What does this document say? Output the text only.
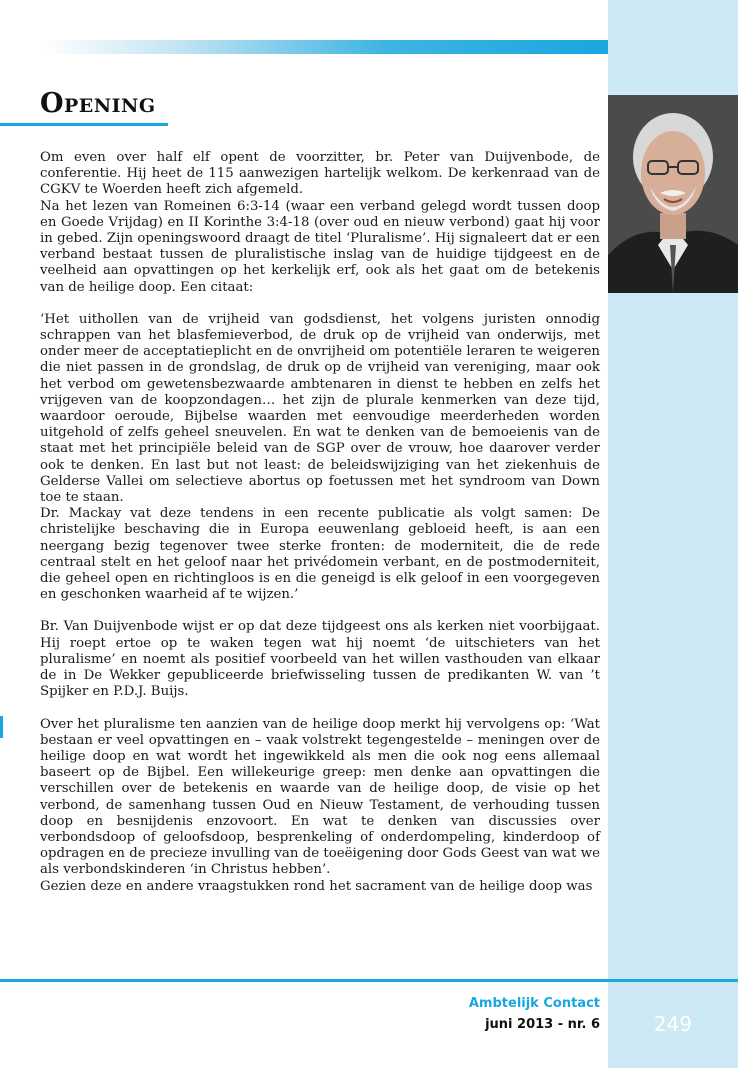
Opening

Om even over half elf opent de voorzitter, br. Peter van Duijvenbode, de conferentie. Hij heet de 115 aanwezigen hartelijk welkom. De kerkenraad van de CGKV te Woerden heeft zich afgemeld.

Na het lezen van Romeinen 6:3-14 (waar een verband gelegd wordt tussen doop en Goede Vrijdag) en II Korinthe 3:4-18 (over oud en nieuw verbond) gaat hij voor in gebed. Zijn openingswoord draagt de titel ‘Pluralisme’. Hij signaleert dat er een verband bestaat tussen de pluralistische inslag van de huidige tijdgeest en de veelheid aan opvattingen op het kerkelijk erf, ook als het gaat om de betekenis van de heilige doop. Een citaat:

‘Het uithollen van de vrijheid van godsdienst, het volgens juristen onnodig schrappen van het blasfemieverbod, de druk op de vrijheid van onderwijs, met onder meer de acceptatieplicht en de onvrijheid om potentiële leraren te weigeren die niet passen in de grondslag, de druk op de vrijheid van vereniging, maar ook het verbod om gewetensbezwaarde ambtenaren in dienst te hebben en zelfs het vrijgeven van de koopzondagen… het zijn de plurale kenmerken van deze tijd, waardoor oeroude, Bijbelse waarden met eenvoudige meerderheden worden uitgehold of zelfs geheel sneuvelen. En wat te denken van de bemoeienis van de staat met het principiële beleid van de SGP over de vrouw, hoe daarover verder ook te denken. En last but not least: de beleidswijziging van het ziekenhuis de Gelderse Vallei om selectieve abortus op foetussen met het syndroom van Down toe te staan.

Dr. Mackay vat deze tendens in een recente publicatie als volgt samen: De christelijke beschaving die in Europa eeuwenlang gebloeid heeft, is aan een neergang bezig tegenover twee sterke fronten: de moderniteit, die de rede centraal stelt en het geloof naar het privédomein verbant, en de postmoderniteit, die geheel open en richtingloos is en die geneigd is elk geloof in een voorgegeven en geschonken waarheid af te wijzen.’

Br. Van Duijvenbode wijst er op dat deze tijdgeest ons als kerken niet voorbijgaat. Hij roept ertoe op te waken tegen wat hij noemt ‘de uitschieters van het pluralisme’ en noemt als positief voorbeeld van het willen vasthouden van elkaar de in De Wekker gepubliceerde briefwisseling tussen de predikanten W. van ’t Spijker en P.D.J. Buijs.

Over het pluralisme ten aanzien van de heilige doop merkt hij vervolgens op: ‘Wat bestaan er veel opvattingen en – vaak volstrekt tegengestelde – meningen over de heilige doop en wat wordt het ingewikkeld als men die ook nog eens allemaal baseert op de Bijbel. Een willekeurige greep: men denke aan opvattingen die verschillen over de betekenis en waarde van de heilige doop, de visie op het verbond, de samenhang tussen Oud en Nieuw Testament, de verhouding tussen doop en besnijdenis enzovoort. En wat te denken van discussies over verbondsdoop of geloofsdoop, besprenkeling of onderdompeling, kinderdoop of opdragen en de precieze invulling van de toeëigening door Gods Geest van wat we als verbondskinderen ‘in Christus hebben’.

Gezien deze en andere vraagstukken rond het sacrament van de heilige doop was

Ambtelijk Contact
juni 2013 - nr. 6	249
